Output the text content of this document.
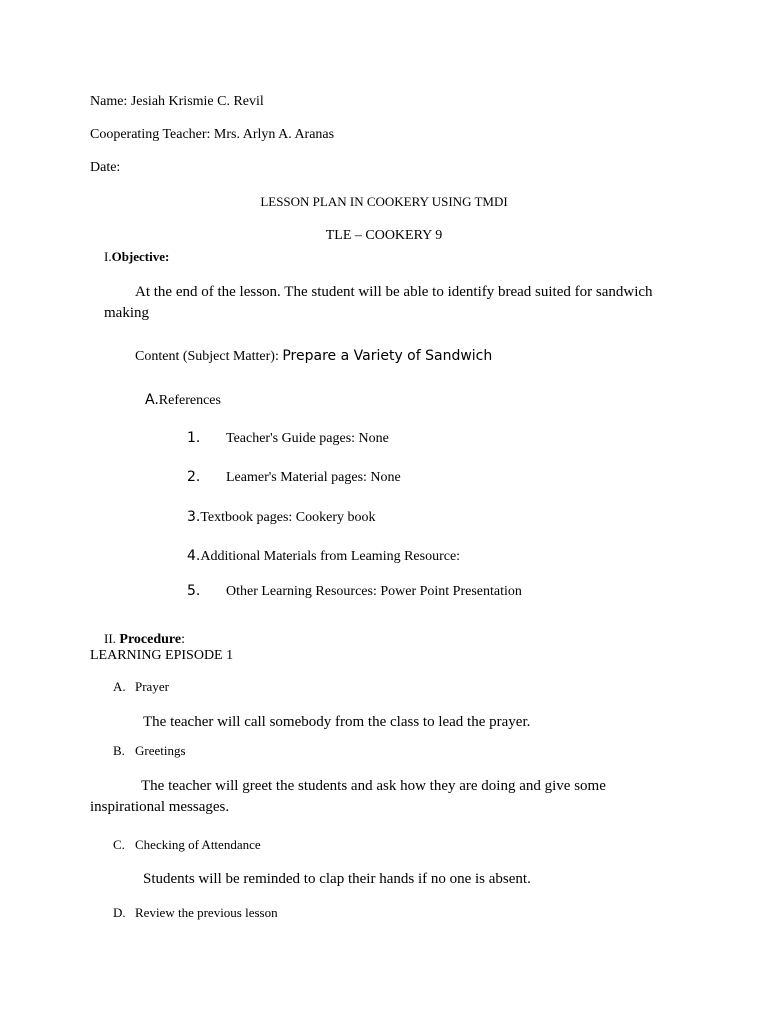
Name: Jesiah Krismie C. Revil
Cooperating Teacher: Mrs. Arlyn A. Aranas
Date:
LESSON PLAN IN COOKERY USING TMDI
TLE – COOKERY 9
I.Objective:
At the end of the lesson. The student will be able to identify bread suited for sandwich
making
Content (Subject Matter): Prepare a Variety of Sandwich
A.References
1. Teacher's Guide pages: None
2. Leamer's Material pages: None
3.Textbook pages: Cookery book
4.Additional Materials from Leaming Resource:
5. Other Learning Resources: Power Point Presentation
II. Procedure:
LEARNING EPISODE 1
A. Prayer
The teacher will call somebody from the class to lead the prayer.
B. Greetings
The teacher will greet the students and ask how they are doing and give some
inspirational messages.
C. Checking of Attendance
Students will be reminded to clap their hands if no one is absent.
D. Review the previous lesson
